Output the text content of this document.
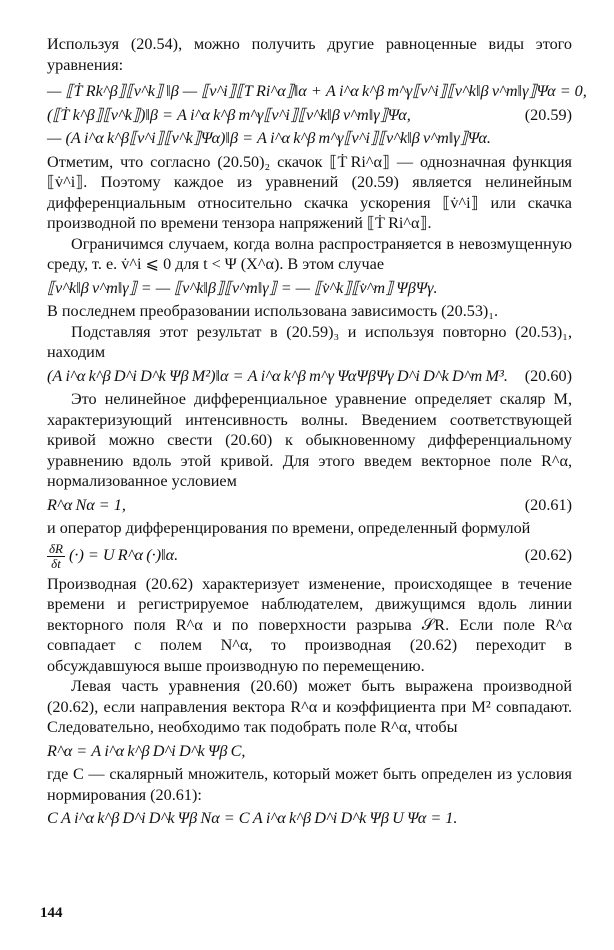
Используя (20.54), можно получить другие равноценные виды этого уравнения:

— ⟦Ṫ Rk^β⟧⟦v^k⟧ ‖β — ⟦v^i⟧⟦T Ri^α⟧‖α + A i^α k^β m^γ⟦v^i⟧⟦v^k‖β v^m‖γ⟧Ψα = 0,
(⟦Ṫ k^β⟧⟦v^k⟧)‖β = A i^α k^β m^γ⟦v^i⟧⟦v^k‖β v^m‖γ⟧Ψα,	(20.59)
— (A i^α k^β⟦v^i⟧⟦v^k⟧Ψα)‖β = A i^α k^β m^γ⟦v^i⟧⟦v^k‖β v^m‖γ⟧Ψα.

Отметим, что согласно (20.50)₂ скачок ⟦Ṫ Ri^α⟧ — однозначная функция ⟦v̇^i⟧. Поэтому каждое из уравнений (20.59) является нелинейным дифференциальным относительно скачка ускорения ⟦v̇^i⟧ или скачка производной по времени тензора напряжений ⟦Ṫ Ri^α⟧.

Ограничимся случаем, когда волна распространяется в невозмущенную среду, т. е. v̇^i ⩽ 0 для t < Ψ (X^α). В этом случае

⟦v^k‖β v^m‖γ⟧ = — ⟦v^k‖β⟧⟦v^m‖γ⟧ = — ⟦v̇^k⟧⟦v̇^m⟧ ΨβΨγ.

В последнем преобразовании использована зависимость (20.53)₁.

Подставляя этот результат в (20.59)₃ и используя повторно (20.53)₁, находим

(A i^α k^β D^i D^k Ψβ M²)‖α = A i^α k^β m^γ ΨαΨβΨγ D^i D^k D^m M³.	(20.60)

Это нелинейное дифференциальное уравнение определяет скаляр M, характеризующий интенсивность волны. Введением соответствующей кривой можно свести (20.60) к обыкновенному дифференциальному уравнению вдоль этой кривой. Для этого введем векторное поле R^α, нормализованное условием

R^α Nα = 1,	(20.61)

и оператор дифференцирования по времени, определенный формулой

$\frac{\delta R}{\delta t}$ (·) = U R^α (·)‖α.	(20.62)

Производная (20.62) характеризует изменение, происходящее в течение времени и регистрируемое наблюдателем, движущимся вдоль линии векторного поля R^α и по поверхности разрыва 𝒮R. Если поле R^α совпадает с полем N^α, то производная (20.62) переходит в обсуждавшуюся выше производную по перемещению.

Левая часть уравнения (20.60) может быть выражена производной (20.62), если направления вектора R^α и коэффициента при M² совпадают. Следовательно, необходимо так подобрать поле R^α, чтобы

R^α = A i^α k^β D^i D^k Ψβ C,

где C — скалярный множитель, который может быть определен из условия нормирования (20.61):

C A i^α k^β D^i D^k Ψβ Nα = C A i^α k^β D^i D^k Ψβ U Ψα = 1.
144
